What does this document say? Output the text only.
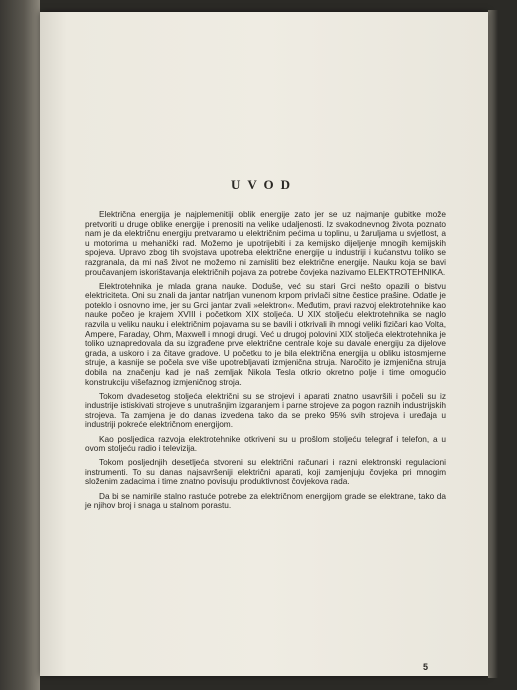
UVOD

Električna energija je najplemenitiji oblik energije zato jer se uz najmanje gubitke može pretvoriti u druge oblike energije i prenositi na velike udaljenosti. Iz svakodnevnog života poznato nam je da električnu energiju pretvaramo u električnim pećima u toplinu, u žaruljama u svjetlost, a u motorima u mehanički rad. Možemo je upotrijebiti i za kemijsko dijeljenje mnogih kemijskih spojeva. Upravo zbog tih svojstava upotreba električne energije u industriji i kućanstvu toliko se razgranala, da mi naš život ne možemo ni zamisliti bez električne energije. Nauku koja se bavi proučavanjem iskorištavanja električnih pojava za potrebe čovjeka nazivamo ELEKTROTEHNIKA.

Elektrotehnika je mlada grana nauke. Doduše, već su stari Grci nešto opazili o bistvu elektriciteta. Oni su znali da jantar natrljan vunenom krpom privlači sitne čestice prašine. Odatle je poteklo i osnovno ime, jer su Grci jantar zvali »elektron«. Međutim, pravi razvoj elektrotehnike kao nauke počeo je krajem XVIII i početkom XIX stoljeća. U XIX stoljeću elektrotehnika se naglo razvila u veliku nauku i električnim pojavama su se bavili i otkrivali ih mnogi veliki fizičari kao Volta, Ampere, Faraday, Ohm, Maxwell i mnogi drugi. Već u drugoj polovini XIX stoljeća elektrotehnika je toliko uznapredovala da su izgrađene prve električne centrale koje su davale energiju za dijelove grada, a uskoro i za čitave gradove. U početku to je bila električna energija u obliku istosmjerne struje, a kasnije se počela sve više upotrebljavati izmjenična struja. Naročito je izmjenična struja dobila na značenju kad je naš zemljak Nikola Tesla otkrio okretno polje i time omogućio konstrukciju višefaznog izmjeničnog stroja.

Tokom dvadesetog stoljeća električni su se strojevi i aparati znatno usavršili i počeli su iz industrije istiskivati strojeve s unutrašnjim izgaranjem i parne strojeve za pogon raznih industrijskih strojeva. Ta zamjena je do danas izvedena tako da se preko 95% svih strojeva i uređaja u industriji pokreće električnom energijom.

Kao posljedica razvoja elektrotehnike otkriveni su u prošlom stoljeću telegraf i telefon, a u ovom stoljeću radio i televizija.

Tokom posljednjih desetljeća stvoreni su električni računari i razni elektronski regulacioni instrumenti. To su danas najsavršeniji električni aparati, koji zamjenjuju čovjeka pri mnogim složenim zadacima i time znatno povisuju produktivnost čovjekova rada.

Da bi se namirile stalno rastuće potrebe za električnom energijom grade se elektrane, tako da je njihov broj i snaga u stalnom porastu.

5
